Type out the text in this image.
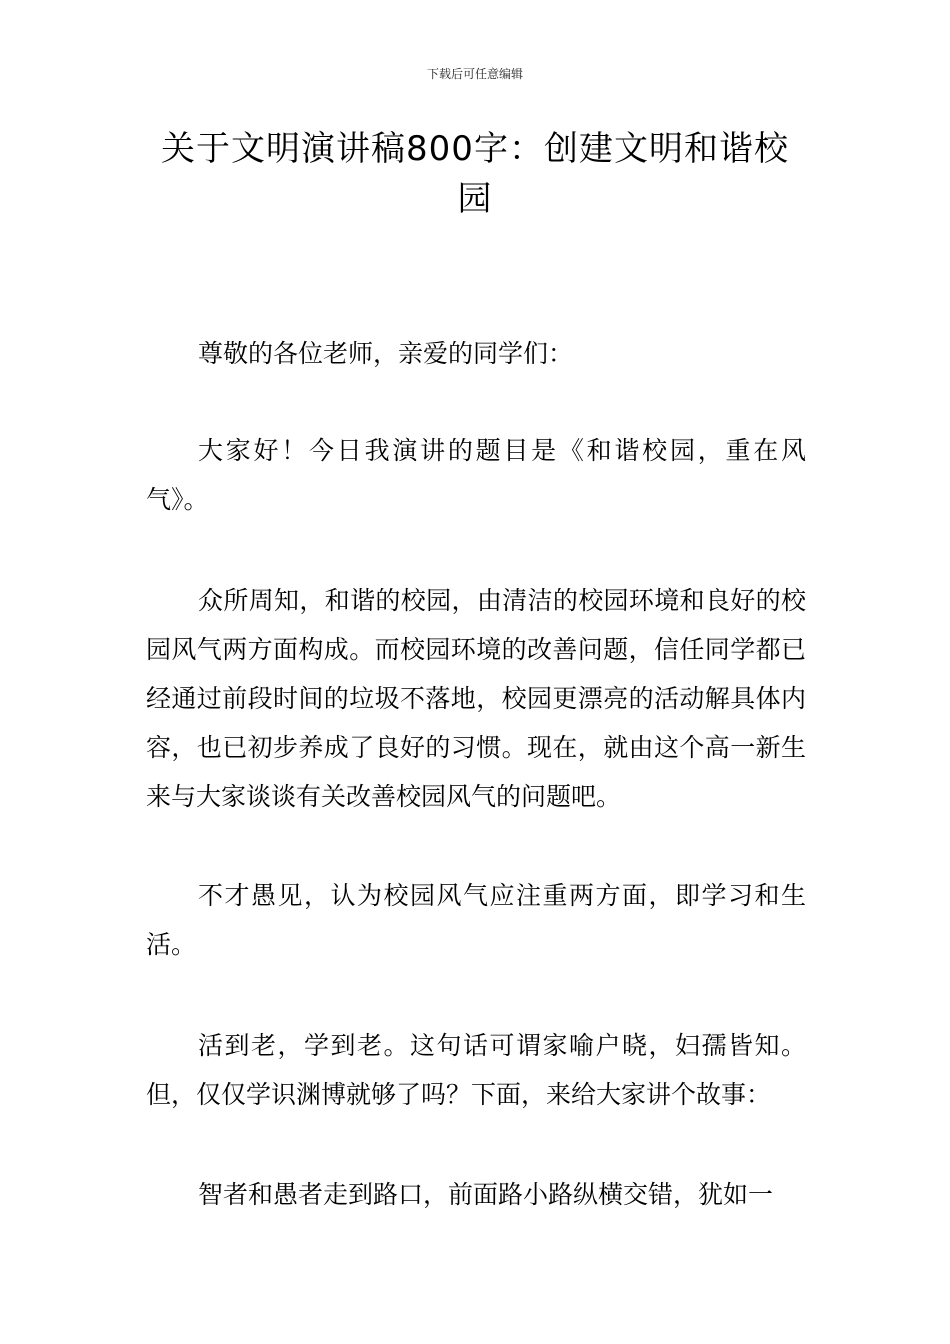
下载后可任意编辑
关于文明演讲稿800字：创建文明和谐校园

尊敬的各位老师，亲爱的同学们：

大家好！今日我演讲的题目是《和谐校园，重在风气》。

众所周知，和谐的校园，由清洁的校园环境和良好的校园风气两方面构成。而校园环境的改善问题，信任同学都已经通过前段时间的垃圾不落地，校园更漂亮的活动解具体内容，也已初步养成了良好的习惯。现在，就由这个高一新生来与大家谈谈有关改善校园风气的问题吧。

不才愚见，认为校园风气应注重两方面，即学习和生活。

活到老，学到老。这句话可谓家喻户晓，妇孺皆知。但，仅仅学识渊博就够了吗？下面，来给大家讲个故事：

智者和愚者走到路口，前面路小路纵横交错，犹如一
